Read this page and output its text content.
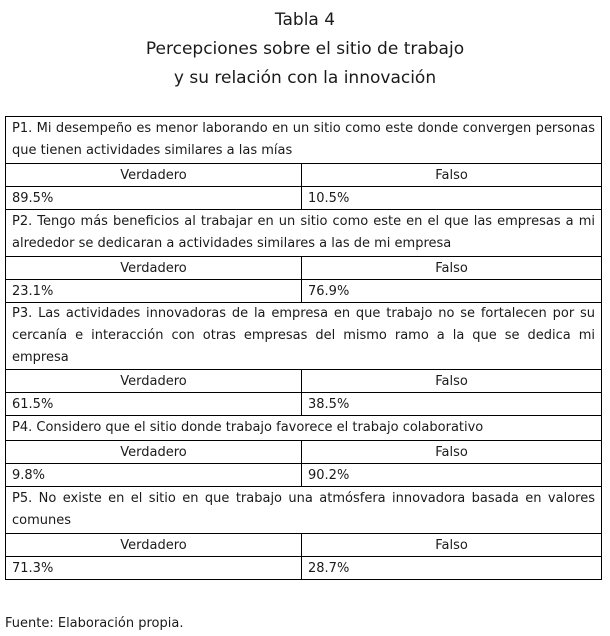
Tabla 4
Percepciones sobre el sitio de trabajo
y su relación con la innovación
P1. Mi desempeño es menor laborando en un sitio como este donde convergen personas que tienen actividades similares a las mías	
Verdadero	Falso
89.5%	10.5%
P2. Tengo más beneficios al trabajar en un sitio como este en el que las empresas a mi alrededor se dedicaran a actividades similares a las de mi empresa	
Verdadero	Falso
23.1%	76.9%
P3. Las actividades innovadoras de la empresa en que trabajo no se fortalecen por su cercanía e interacción con otras empresas del mismo ramo a la que se dedica mi empresa	
Verdadero	Falso
61.5%	38.5%
P4. Considero que el sitio donde trabajo favorece el trabajo colaborativo	
Verdadero	Falso
9.8%	90.2%
P5. No existe en el sitio en que trabajo una atmósfera innovadora basada en valores comunes	
Verdadero	Falso
71.3%	28.7%
Fuente: Elaboración propia.
